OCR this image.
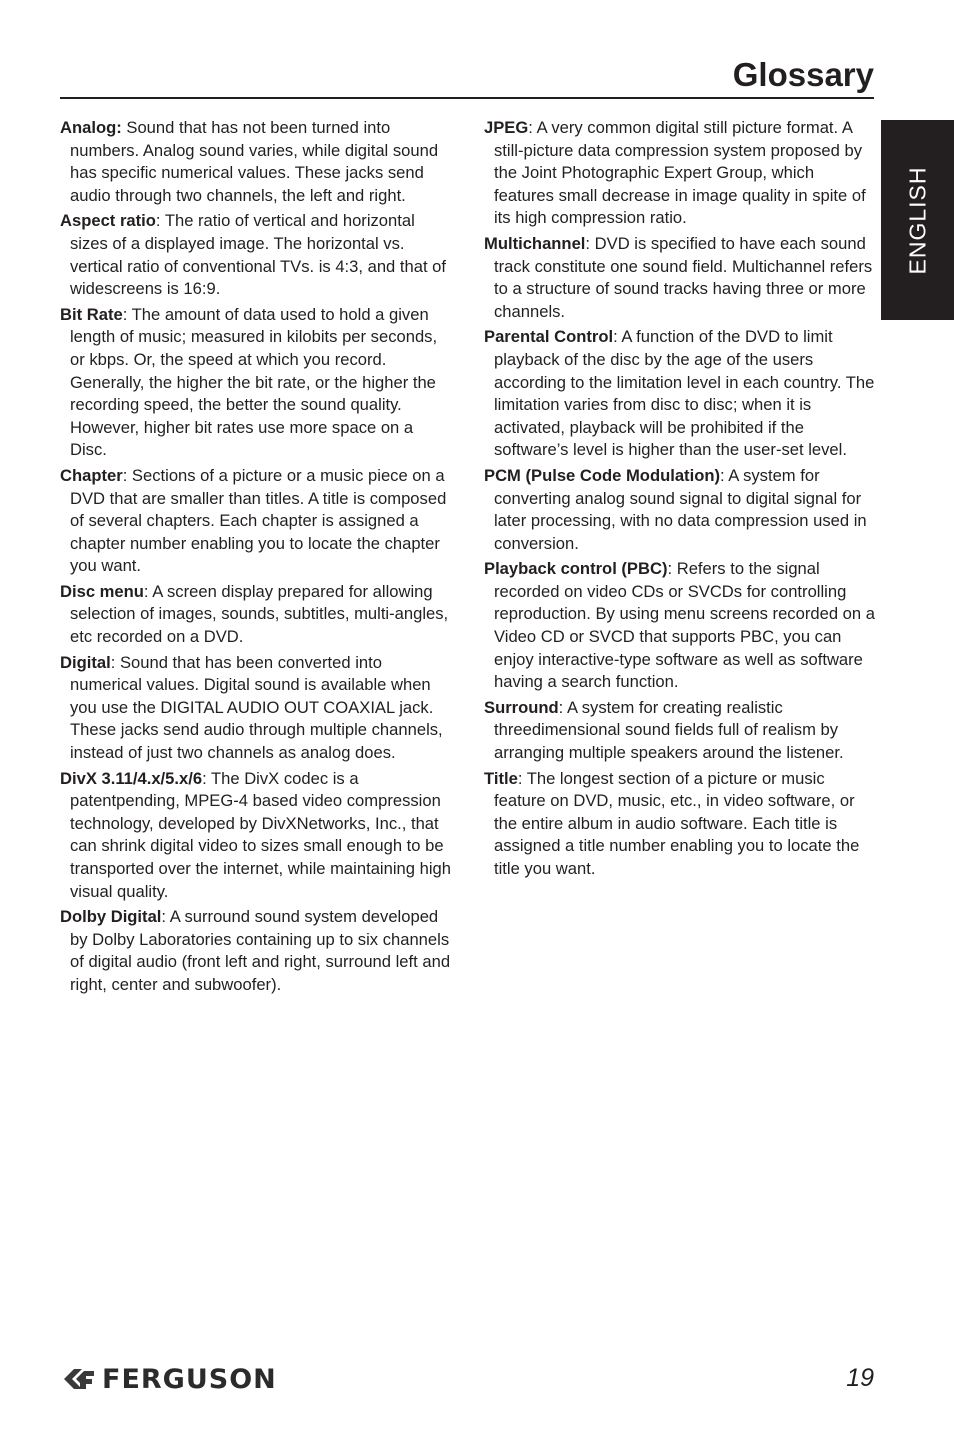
Glossary
ENGLISH

Analog: Sound that has not been turned into numbers. Analog sound varies, while digital sound has specific numerical values. These jacks send audio through two channels, the left and right.

Aspect ratio: The ratio of vertical and horizontal sizes of a displayed image. The horizontal vs. vertical ratio of conventional TVs. is 4:3, and that of widescreens is 16:9.

Bit Rate: The amount of data used to hold a given length of music; measured in kilobits per seconds, or kbps. Or, the speed at which you record. Generally, the higher the bit rate, or the higher the recording speed, the better the sound quality. However, higher bit rates use more space on a Disc.

Chapter: Sections of a picture or a music piece on a DVD that are smaller than titles. A title is composed of several chapters. Each chapter is assigned a chapter number enabling you to locate the chapter you want.

Disc menu: A screen display prepared for allowing selection of images, sounds, subtitles, multi-angles, etc recorded on a DVD.

Digital: Sound that has been converted into numerical values. Digital sound is available when you use the DIGITAL AUDIO OUT COAXIAL jack. These jacks send audio through multiple channels, instead of just two channels as analog does.

DivX 3.11/4.x/5.x/6: The DivX codec is a patentpending, MPEG-4 based video compression technology, developed by DivXNetworks, Inc., that can shrink digital video to sizes small enough to be transported over the internet, while maintaining high visual quality.

Dolby Digital: A surround sound system developed by Dolby Laboratories containing up to six channels of digital audio (front left and right, surround left and right, center and subwoofer).

JPEG: A very common digital still picture format. A still-picture data compression system proposed by the Joint Photographic Expert Group, which features small decrease in image quality in spite of its high compression ratio.

Multichannel: DVD is specified to have each sound track constitute one sound field. Multichannel refers to a structure of sound tracks having three or more channels.

Parental Control: A function of the DVD to limit playback of the disc by the age of the users according to the limitation level in each country. The limitation varies from disc to disc; when it is activated, playback will be prohibited if the software’s level is higher than the user-set level.

PCM (Pulse Code Modulation): A system for converting analog sound signal to digital signal for later processing, with no data compression used in conversion.

Playback control (PBC): Refers to the signal recorded on video CDs or SVCDs for controlling reproduction. By using menu screens recorded on a Video CD or SVCD that supports PBC, you can enjoy interactive-type software as well as software having a search function.

Surround: A system for creating realistic threedimensional sound fields full of realism by arranging multiple speakers around the listener.

Title: The longest section of a picture or music feature on DVD, music, etc., in video software, or the entire album in audio software. Each title is assigned a title number enabling you to locate the title you want.

FERGUSON	19
